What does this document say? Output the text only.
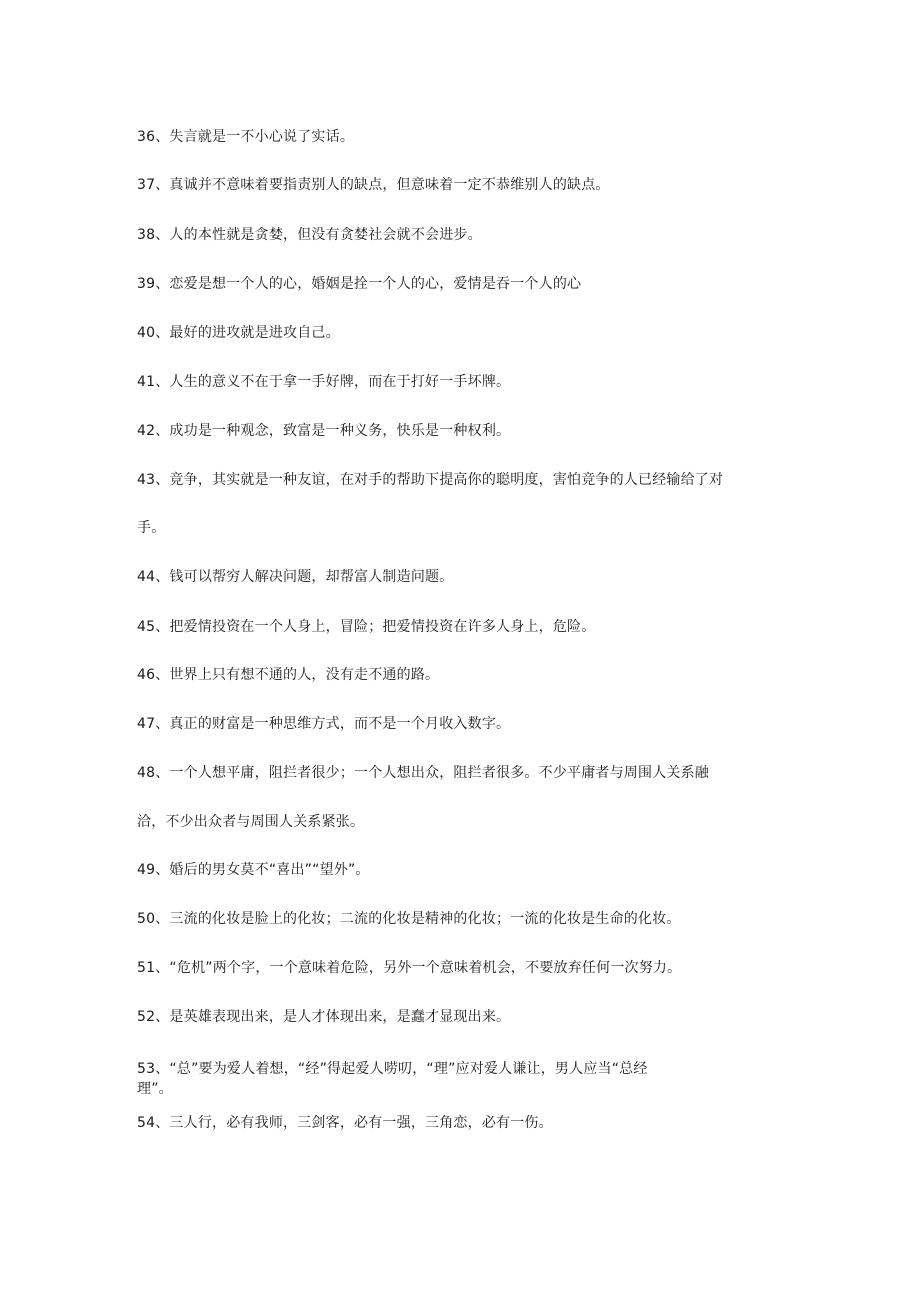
36、失言就是一不小心说了实话。
37、真诚并不意味着要指责别人的缺点，但意味着一定不恭维别人的缺点。
38、人的本性就是贪婪，但没有贪婪社会就不会进步。
39、恋爱是想一个人的心，婚姻是拴一个人的心，爱情是吞一个人的心
40、最好的进攻就是进攻自己。
41、人生的意义不在于拿一手好牌，而在于打好一手坏牌。
42、成功是一种观念，致富是一种义务，快乐是一种权利。
43、竞争，其实就是一种友谊，在对手的帮助下提高你的聪明度，害怕竞争的人已经输给了对
手。
44、钱可以帮穷人解决问题，却帮富人制造问题。
45、把爱情投资在一个人身上，冒险；把爱情投资在许多人身上，危险。
46、世界上只有想不通的人，没有走不通的路。
47、真正的财富是一种思维方式，而不是一个月收入数字。
48、一个人想平庸，阻拦者很少；一个人想出众，阻拦者很多。不少平庸者与周围人关系融
洽，不少出众者与周围人关系紧张。
49、婚后的男女莫不“喜出”“望外”。
50、三流的化妆是脸上的化妆；二流的化妆是精神的化妆；一流的化妆是生命的化妆。
51、“危机”两个字，一个意味着危险，另外一个意味着机会，不要放弃任何一次努力。
52、是英雄表现出来，是人才体现出来，是蠢才显现出来。
53、“总”要为爱人着想，“经”得起爱人唠叨，“理”应对爱人谦让，男人应当“总经
理”。
54、三人行，必有我师，三剑客，必有一强，三角恋，必有一伤。
